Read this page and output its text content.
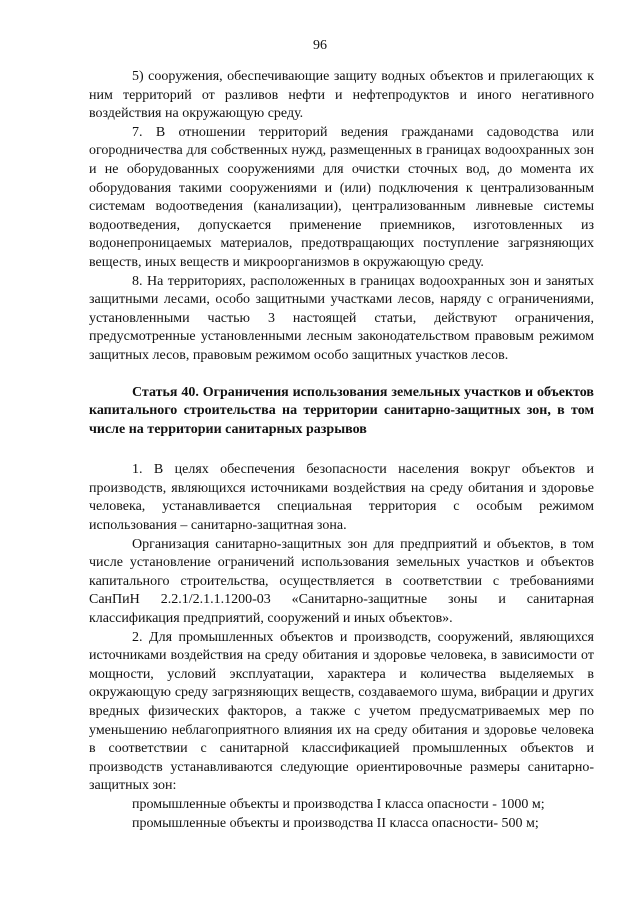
96

5) сооружения, обеспечивающие защиту водных объектов и прилегающих к ним территорий от разливов нефти и нефтепродуктов и иного негативного воздействия на окружающую среду.

7. В отношении территорий ведения гражданами садоводства или огородничества для собственных нужд, размещенных в границах водоохранных зон и не оборудованных сооружениями для очистки сточных вод, до момента их оборудования такими сооружениями и (или) подключения к централизованным системам водоотведения (канализации), централизованным ливневые системы водоотведения, допускается применение приемников, изготовленных из водонепроницаемых материалов, предотвращающих поступление загрязняющих веществ, иных веществ и микроорганизмов в окружающую среду.

8. На территориях, расположенных в границах водоохранных зон и занятых защитными лесами, особо защитными участками лесов, наряду с ограничениями, установленными частью 3 настоящей статьи, действуют ограничения, предусмотренные установленными лесным законодательством правовым режимом защитных лесов, правовым режимом особо защитных участков лесов.

Статья 40. Ограничения использования земельных участков и объектов капитального строительства на территории санитарно-защитных зон, в том числе на территории санитарных разрывов

1. В целях обеспечения безопасности населения вокруг объектов и производств, являющихся источниками воздействия на среду обитания и здоровье человека, устанавливается специальная территория с особым режимом использования – санитарно-защитная зона.

Организация санитарно-защитных зон для предприятий и объектов, в том числе установление ограничений использования земельных участков и объектов капитального строительства, осуществляется в соответствии с требованиями СанПиН 2.2.1/2.1.1.1200-03 «Санитарно-защитные зоны и санитарная классификация предприятий, сооружений и иных объектов».

2. Для промышленных объектов и производств, сооружений, являющихся источниками воздействия на среду обитания и здоровье человека, в зависимости от мощности, условий эксплуатации, характера и количества выделяемых в окружающую среду загрязняющих веществ, создаваемого шума, вибрации и других вредных физических факторов, а также с учетом предусматриваемых мер по уменьшению неблагоприятного влияния их на среду обитания и здоровье человека в соответствии с санитарной классификацией промышленных объектов и производств устанавливаются следующие ориентировочные размеры санитарно-защитных зон:

промышленные объекты и производства I класса опасности - 1000 м;

промышленные объекты и производства II класса опасности- 500 м;
